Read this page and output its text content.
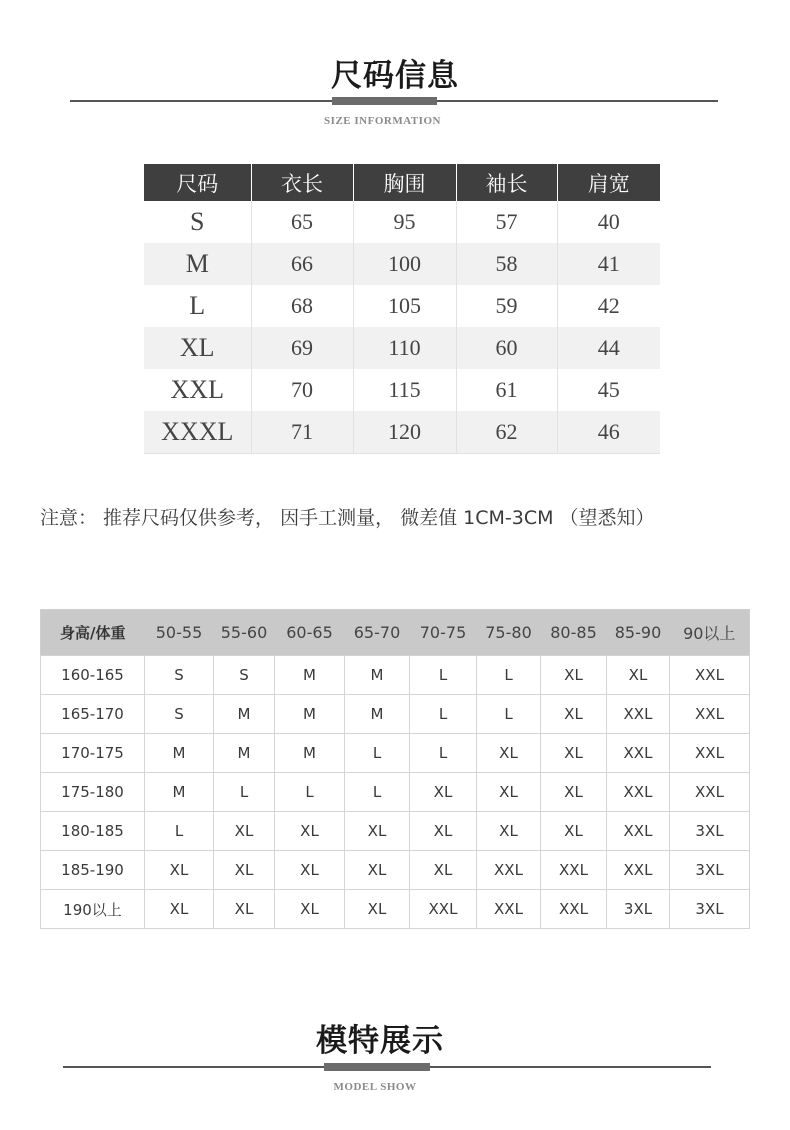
尺码信息
SIZE INFORMATION
尺码	衣长	胸围	袖长	肩宽
S	65	95	57	40
M	66	100	58	41
L	68	105	59	42
XL	69	110	60	44
XXL	70	115	61	45
XXXL	71	120	62	46
注意： 推荐尺码仅供参考， 因手工测量， 微差值 1CM-3CM （望悉知）
身高/体重	50-55	55-60	60-65	65-70	70-75	75-80	80-85	85-90	90以上
160-165	S	S	M	M	L	L	XL	XL	XXL
165-170	S	M	M	M	L	L	XL	XXL	XXL
170-175	M	M	M	L	L	XL	XL	XXL	XXL
175-180	M	L	L	L	XL	XL	XL	XXL	XXL
180-185	L	XL	XL	XL	XL	XL	XL	XXL	3XL
185-190	XL	XL	XL	XL	XL	XXL	XXL	XXL	3XL
190以上	XL	XL	XL	XL	XXL	XXL	XXL	3XL	3XL
模特展示
MODEL SHOW
